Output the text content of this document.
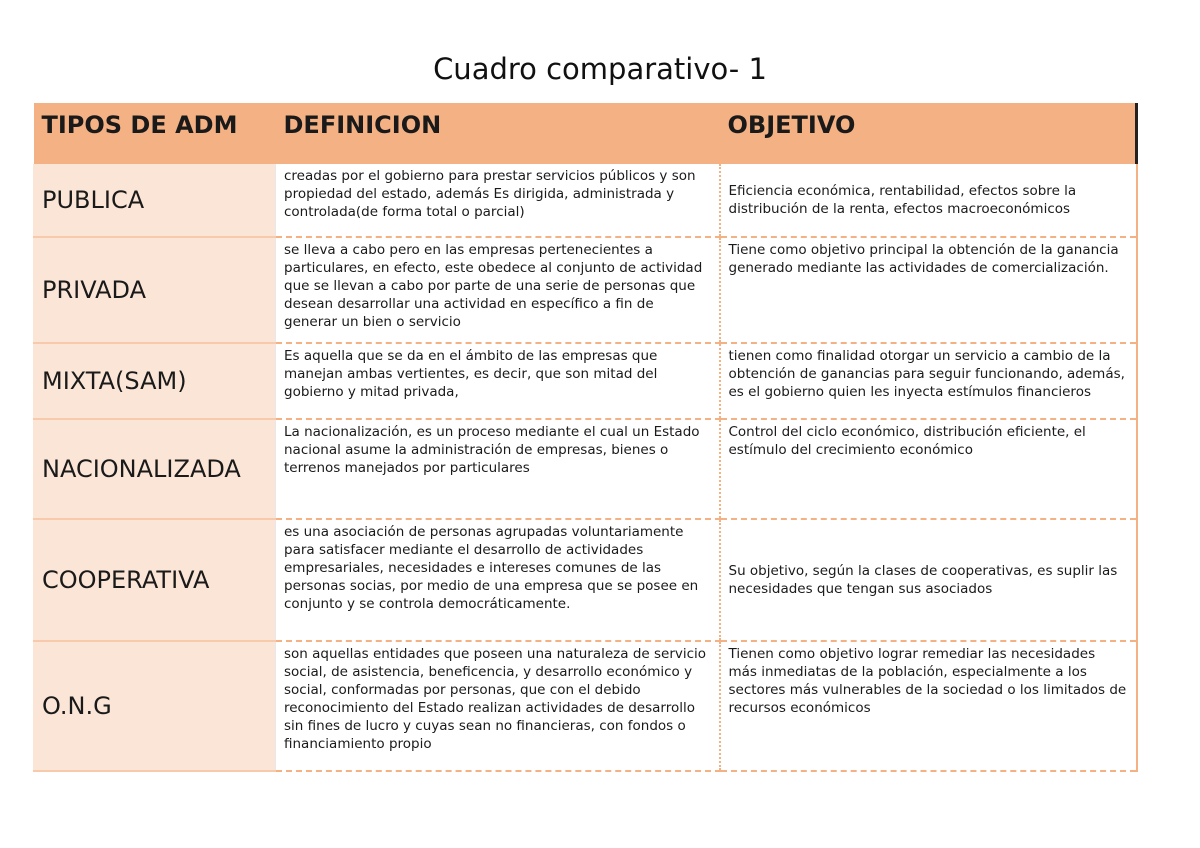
Cuadro comparativo- 1
TIPOS DE ADM	DEFINICION	OBJETIVO
PUBLICA	creadas por el gobierno para prestar servicios públicos y son propiedad del estado, además Es dirigida, administrada y controlada(de forma total o parcial)	Eficiencia económica, rentabilidad, efectos sobre la distribución de la renta, efectos macroeconómicos
PRIVADA	se lleva a cabo pero en las empresas pertenecientes a particulares, en efecto, este obedece al conjunto de actividad que se llevan a cabo por parte de una serie de personas que desean desarrollar una actividad en específico a fin de generar un bien o servicio	Tiene como objetivo principal la obtención de la ganancia generado mediante las actividades de comercialización.
MIXTA(SAM)	Es aquella que se da en el ámbito de las empresas que manejan ambas vertientes, es decir, que son mitad del gobierno y mitad privada,	tienen como finalidad otorgar un servicio a cambio de la obtención de ganancias para seguir funcionando, además, es el gobierno quien les inyecta estímulos financieros
NACIONALIZADA	La nacionalización, es un proceso mediante el cual un Estado nacional asume la administración de empresas, bienes o terrenos manejados por particulares	Control del ciclo económico, distribución eficiente, el estímulo del crecimiento económico
COOPERATIVA	es una asociación de personas agrupadas voluntariamente para satisfacer mediante el desarrollo de actividades empresariales, necesidades e intereses comunes de las personas socias, por medio de una empresa que se posee en conjunto y se controla democráticamente.	Su objetivo, según la clases de cooperativas, es suplir las necesidades que tengan sus asociados
O.N.G	son aquellas entidades que poseen una naturaleza de servicio social, de asistencia, beneficencia, y desarrollo económico y social, conformadas por personas, que con el debido reconocimiento del Estado realizan actividades de desarrollo sin fines de lucro y cuyas sean no financieras, con fondos o financiamiento propio	Tienen como objetivo lograr remediar las necesidades más inmediatas de la población, especialmente a los sectores más vulnerables de la sociedad o los limitados de recursos económicos
